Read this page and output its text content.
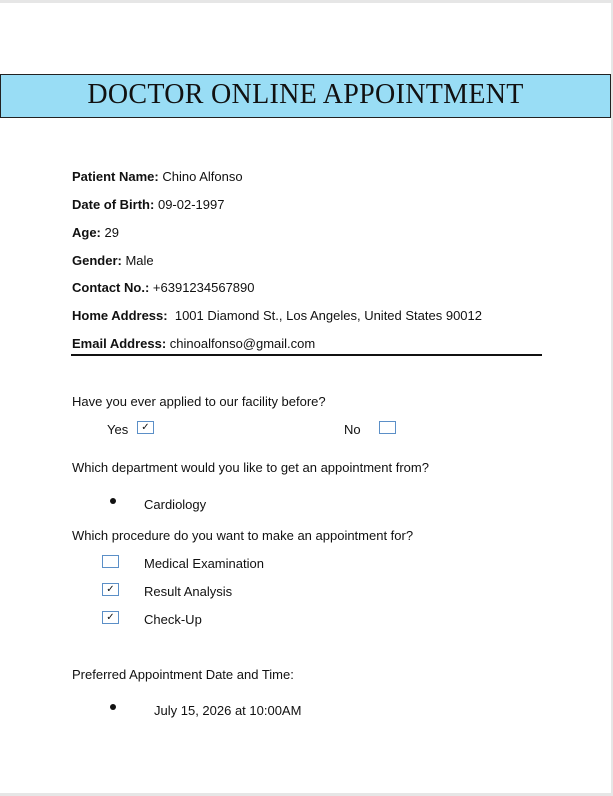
DOCTOR ONLINE APPOINTMENT
Patient Name: Chino Alfonso
Date of Birth: 09-02-1997
Age: 29
Gender: Male
Contact No.: +6391234567890
Home Address: 1001 Diamond St., Los Angeles, United States 90012
Email Address: chinoalfonso@gmail.com
Have you ever applied to our facility before?
Yes	✓	No
Which department would you like to get an appointment from?
Cardiology
Which procedure do you want to make an appointment for?
Medical Examination
✓	Result Analysis
✓	Check-Up
Preferred Appointment Date and Time:
July 15, 2026 at 10:00AM
